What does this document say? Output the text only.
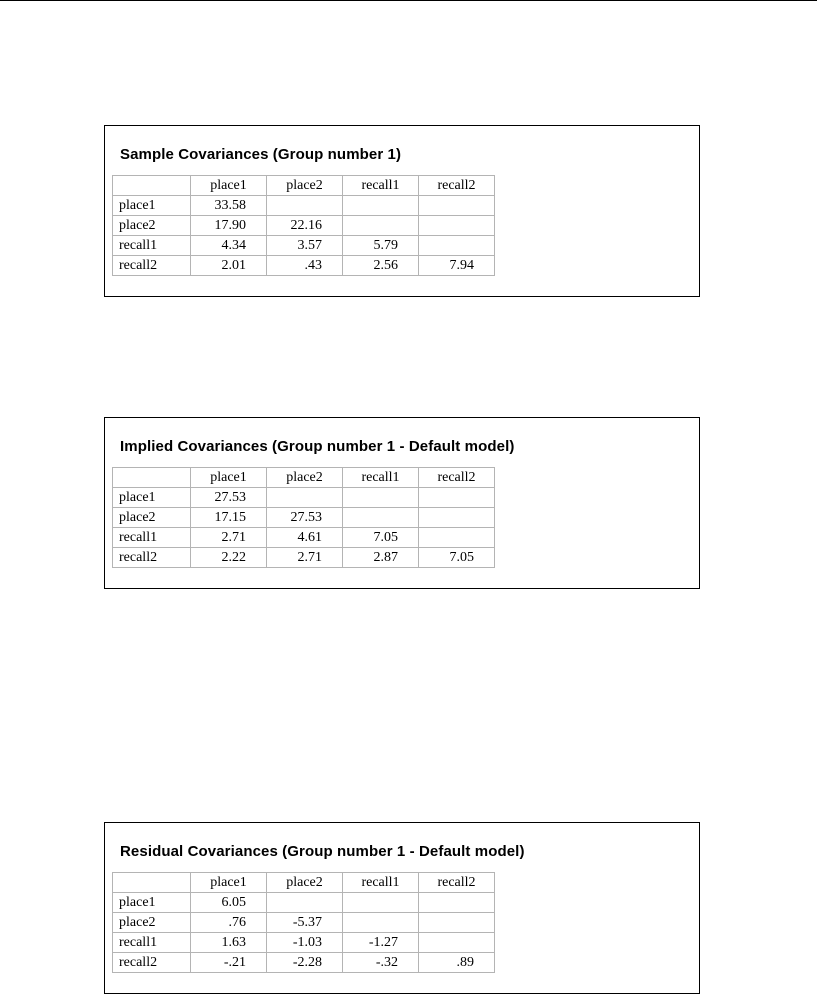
Sample Covariances (Group number 1)
	place1	place2	recall1	recall2
place1	33.58			
place2	17.90	22.16		
recall1	4.34	3.57	5.79	
recall2	2.01	.43	2.56	7.94
Implied Covariances (Group number 1 - Default model)
	place1	place2	recall1	recall2
place1	27.53			
place2	17.15	27.53		
recall1	2.71	4.61	7.05	
recall2	2.22	2.71	2.87	7.05
Residual Covariances (Group number 1 - Default model)
	place1	place2	recall1	recall2
place1	6.05			
place2	.76	-5.37		
recall1	1.63	-1.03	-1.27	
recall2	-.21	-2.28	-.32	.89
